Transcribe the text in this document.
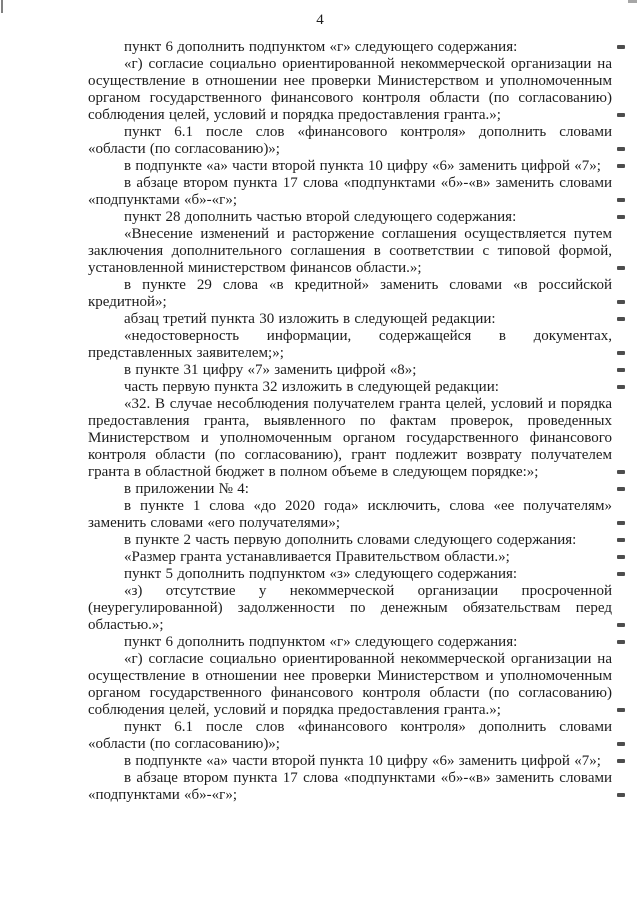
4

пункт 6 дополнить подпунктом «г» следующего содержания:

«г) согласие социально ориентированной некоммерческой организации на осуществление в отношении нее проверки Министерством и уполномоченным органом государственного финансового контроля области (по согласованию) соблюдения целей, условий и порядка предоставления гранта.»;

пункт 6.1 после слов «финансового контроля» дополнить словами «области (по согласованию)»;

в подпункте «а» части второй пункта 10 цифру «6» заменить цифрой «7»;

в абзаце втором пункта 17 слова «подпунктами «б»-«в» заменить словами «подпунктами «б»-«г»;

пункт 28 дополнить частью второй следующего содержания:

«Внесение изменений и расторжение соглашения осуществляется путем заключения дополнительного соглашения в соответствии с типовой формой, установленной министерством финансов области.»;

в пункте 29 слова «в кредитной» заменить словами «в российской кредитной»;

абзац третий пункта 30 изложить в следующей редакции:

«недостоверность информации, содержащейся в документах, представленных заявителем;»;

в пункте 31 цифру «7» заменить цифрой «8»;

часть первую пункта 32 изложить в следующей редакции:

«32. В случае несоблюдения получателем гранта целей, условий и порядка предоставления гранта, выявленного по фактам проверок, проведенных Министерством и уполномоченным органом государственного финансового контроля области (по согласованию), грант подлежит возврату получателем гранта в областной бюджет в полном объеме в следующем порядке:»;

в приложении № 4:

в пункте 1 слова «до 2020 года» исключить, слова «ее получателям» заменить словами «его получателями»;

в пункте 2 часть первую дополнить словами следующего содержания:

«Размер гранта устанавливается Правительством области.»;

пункт 5 дополнить подпунктом «з» следующего содержания:

«з) отсутствие у некоммерческой организации просроченной (неурегулированной) задолженности по денежным обязательствам перед областью.»;

пункт 6 дополнить подпунктом «г» следующего содержания:

«г) согласие социально ориентированной некоммерческой организации на осуществление в отношении нее проверки Министерством и уполномоченным органом государственного финансового контроля области (по согласованию) соблюдения целей, условий и порядка предоставления гранта.»;

пункт 6.1 после слов «финансового контроля» дополнить словами «области (по согласованию)»;

в подпункте «а» части второй пункта 10 цифру «6» заменить цифрой «7»;

в абзаце втором пункта 17 слова «подпунктами «б»-«в» заменить словами «подпунктами «б»-«г»;
